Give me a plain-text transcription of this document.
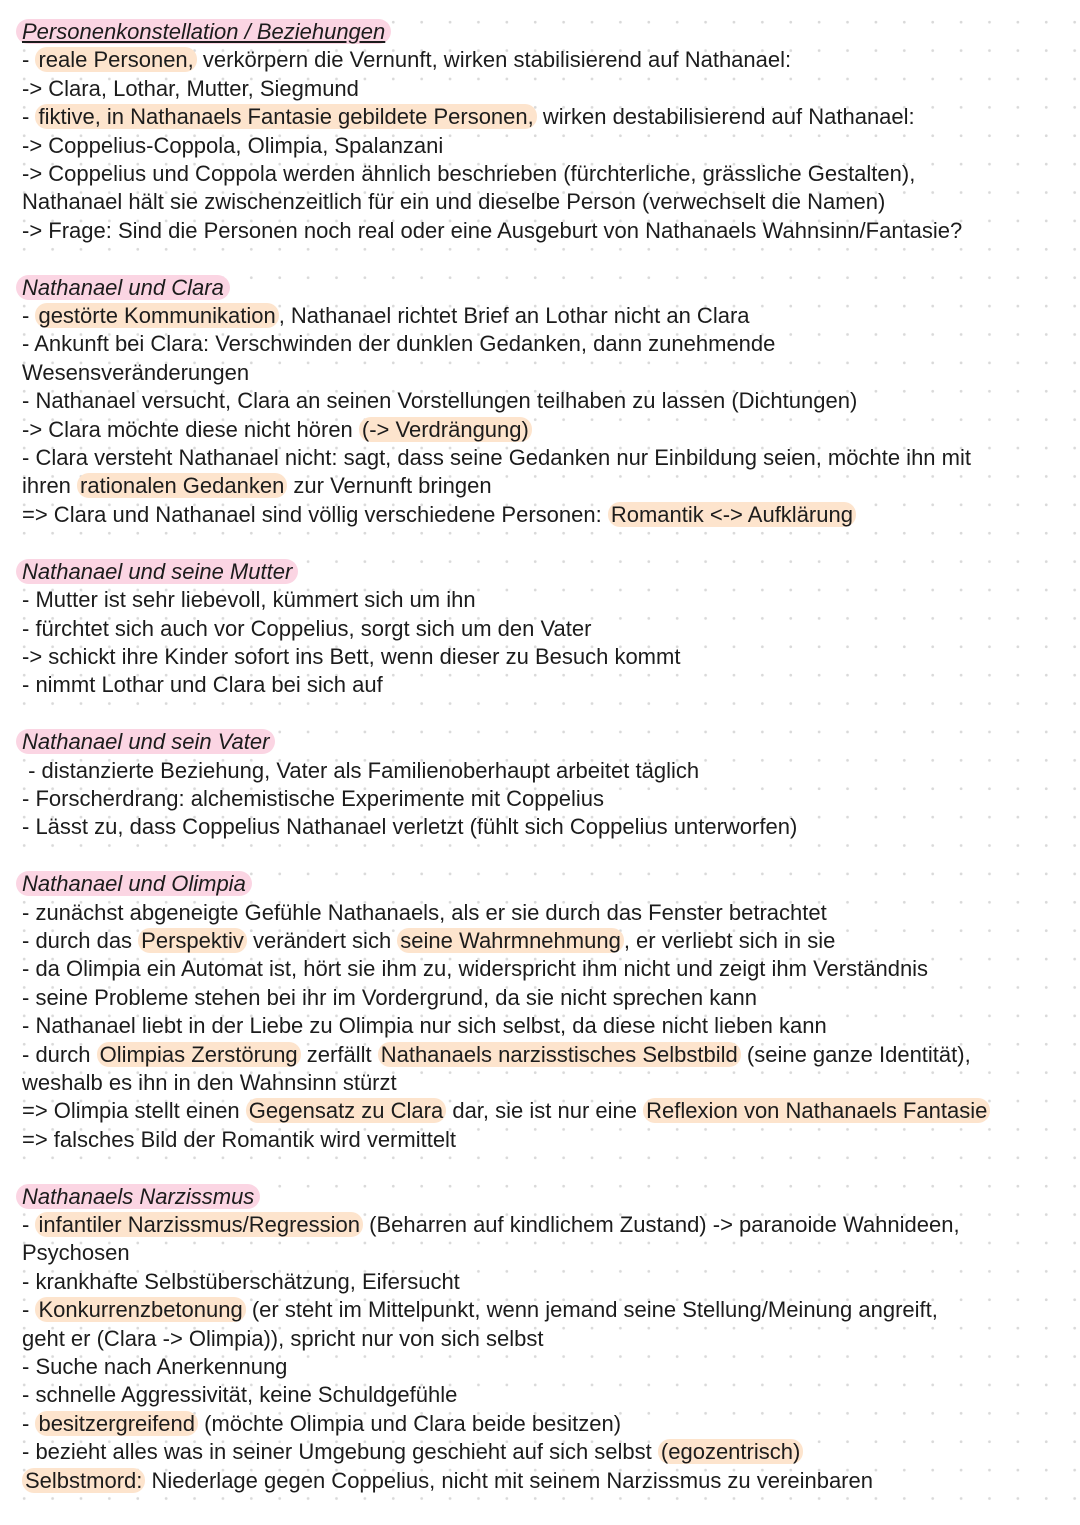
Personenkonstellation / Beziehungen
- reale Personen, verkörpern die Vernunft, wirken stabilisierend auf Nathanael:
-> Clara, Lothar, Mutter, Siegmund
- fiktive, in Nathanaels Fantasie gebildete Personen, wirken destabilisierend auf Nathanael:
-> Coppelius-Coppola, Olimpia, Spalanzani
-> Coppelius und Coppola werden ähnlich beschrieben (fürchterliche, grässliche Gestalten),
Nathanael hält sie zwischenzeitlich für ein und dieselbe Person (verwechselt die Namen)
-> Frage: Sind die Personen noch real oder eine Ausgeburt von Nathanaels Wahnsinn/Fantasie?
Nathanael und Clara
- gestörte Kommunikation , Nathanael richtet Brief an Lothar nicht an Clara
- Ankunft bei Clara: Verschwinden der dunklen Gedanken, dann zunehmende
Wesensveränderungen
- Nathanael versucht, Clara an seinen Vorstellungen teilhaben zu lassen (Dichtungen)
-> Clara möchte diese nicht hören (-> Verdrängung)
- Clara versteht Nathanael nicht: sagt, dass seine Gedanken nur Einbildung seien, möchte ihn mit
ihren rationalen Gedanken zur Vernunft bringen
=> Clara und Nathanael sind völlig verschiedene Personen: Romantik <-> Aufklärung
Nathanael und seine Mutter
- Mutter ist sehr liebevoll, kümmert sich um ihn
- fürchtet sich auch vor Coppelius, sorgt sich um den Vater
-> schickt ihre Kinder sofort ins Bett, wenn dieser zu Besuch kommt
- nimmt Lothar und Clara bei sich auf
Nathanael und sein Vater
- distanzierte Beziehung, Vater als Familienoberhaupt arbeitet täglich
- Forscherdrang: alchemistische Experimente mit Coppelius
- Lässt zu, dass Coppelius Nathanael verletzt (fühlt sich Coppelius unterworfen)
Nathanael und Olimpia
- zunächst abgeneigte Gefühle Nathanaels, als er sie durch das Fenster betrachtet
- durch das Perspektiv verändert sich seine Wahrmnehmung , er verliebt sich in sie
- da Olimpia ein Automat ist, hört sie ihm zu, widerspricht ihm nicht und zeigt ihm Verständnis
- seine Probleme stehen bei ihr im Vordergrund, da sie nicht sprechen kann
- Nathanael liebt in der Liebe zu Olimpia nur sich selbst, da diese nicht lieben kann
- durch Olimpias Zerstörung zerfällt Nathanaels narzisstisches Selbstbild (seine ganze Identität),
weshalb es ihn in den Wahnsinn stürzt
=> Olimpia stellt einen Gegensatz zu Clara dar, sie ist nur eine Reflexion von Nathanaels Fantasie
=> falsches Bild der Romantik wird vermittelt
Nathanaels Narzissmus
- infantiler Narzissmus/Regression (Beharren auf kindlichem Zustand) -> paranoide Wahnideen,
Psychosen
- krankhafte Selbstüberschätzung, Eifersucht
- Konkurrenzbetonung (er steht im Mittelpunkt, wenn jemand seine Stellung/Meinung angreift,
geht er (Clara -> Olimpia)), spricht nur von sich selbst
- Suche nach Anerkennung
- schnelle Aggressivität, keine Schuldgefühle
- besitzergreifend (möchte Olimpia und Clara beide besitzen)
- bezieht alles was in seiner Umgebung geschieht auf sich selbst (egozentrisch)
Selbstmord: Niederlage gegen Coppelius, nicht mit seinem Narzissmus zu vereinbaren
